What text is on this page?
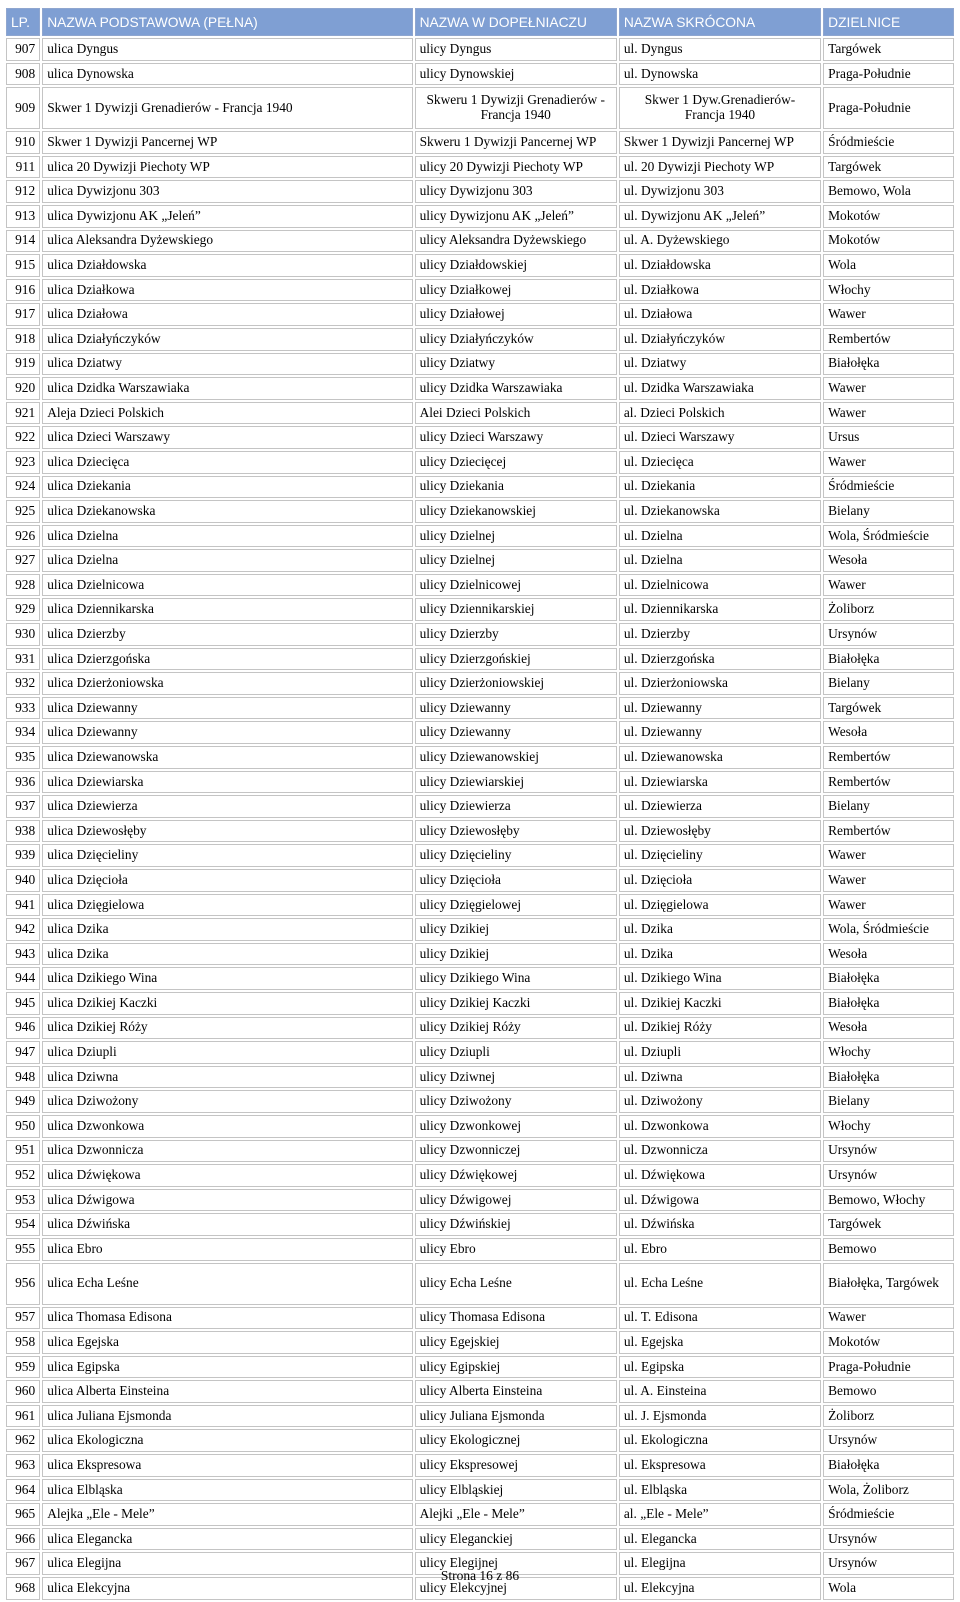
LP.	NAZWA PODSTAWOWA (PEŁNA)	NAZWA W DOPEŁNIACZU	NAZWA SKRÓCONA	DZIELNICE
907	ulica Dyngus	ulicy Dyngus	ul. Dyngus	Targówek
908	ulica Dynowska	ulicy Dynowskiej	ul. Dynowska	Praga-Południe
909	Skwer 1 Dywizji Grenadierów - Francja 1940	Skweru 1 Dywizji Grenadierów - Francja 1940	Skwer 1 Dyw.Grenadierów- Francja 1940	Praga-Południe
910	Skwer 1 Dywizji Pancernej WP	Skweru 1 Dywizji Pancernej WP	Skwer 1 Dywizji Pancernej WP	Śródmieście
911	ulica 20 Dywizji Piechoty WP	ulicy 20 Dywizji Piechoty WP	ul. 20 Dywizji Piechoty WP	Targówek
912	ulica Dywizjonu 303	ulicy Dywizjonu 303	ul. Dywizjonu 303	Bemowo, Wola
913	ulica Dywizjonu AK „Jeleń”	ulicy Dywizjonu AK „Jeleń”	ul. Dywizjonu AK „Jeleń”	Mokotów
914	ulica Aleksandra Dyżewskiego	ulicy Aleksandra Dyżewskiego	ul. A. Dyżewskiego	Mokotów
915	ulica Działdowska	ulicy Działdowskiej	ul. Działdowska	Wola
916	ulica Działkowa	ulicy Działkowej	ul. Działkowa	Włochy
917	ulica Działowa	ulicy Działowej	ul. Działowa	Wawer
918	ulica Działyńczyków	ulicy Działyńczyków	ul. Działyńczyków	Rembertów
919	ulica Dziatwy	ulicy Dziatwy	ul. Dziatwy	Białołęka
920	ulica Dzidka Warszawiaka	ulicy Dzidka Warszawiaka	ul. Dzidka Warszawiaka	Wawer
921	Aleja Dzieci Polskich	Alei Dzieci Polskich	al. Dzieci Polskich	Wawer
922	ulica Dzieci Warszawy	ulicy Dzieci Warszawy	ul. Dzieci Warszawy	Ursus
923	ulica Dziecięca	ulicy Dziecięcej	ul. Dziecięca	Wawer
924	ulica Dziekania	ulicy Dziekania	ul. Dziekania	Śródmieście
925	ulica Dziekanowska	ulicy Dziekanowskiej	ul. Dziekanowska	Bielany
926	ulica Dzielna	ulicy Dzielnej	ul. Dzielna	Wola, Śródmieście
927	ulica Dzielna	ulicy Dzielnej	ul. Dzielna	Wesoła
928	ulica Dzielnicowa	ulicy Dzielnicowej	ul. Dzielnicowa	Wawer
929	ulica Dziennikarska	ulicy Dziennikarskiej	ul. Dziennikarska	Żoliborz
930	ulica Dzierzby	ulicy Dzierzby	ul. Dzierzby	Ursynów
931	ulica Dzierzgońska	ulicy Dzierzgońskiej	ul. Dzierzgońska	Białołęka
932	ulica Dzierżoniowska	ulicy Dzierżoniowskiej	ul. Dzierżoniowska	Bielany
933	ulica Dziewanny	ulicy Dziewanny	ul. Dziewanny	Targówek
934	ulica Dziewanny	ulicy Dziewanny	ul. Dziewanny	Wesoła
935	ulica Dziewanowska	ulicy Dziewanowskiej	ul. Dziewanowska	Rembertów
936	ulica Dziewiarska	ulicy Dziewiarskiej	ul. Dziewiarska	Rembertów
937	ulica Dziewierza	ulicy Dziewierza	ul. Dziewierza	Bielany
938	ulica Dziewosłęby	ulicy Dziewosłęby	ul. Dziewosłęby	Rembertów
939	ulica Dzięcieliny	ulicy Dzięcieliny	ul. Dzięcieliny	Wawer
940	ulica Dzięcioła	ulicy Dzięcioła	ul. Dzięcioła	Wawer
941	ulica Dzięgielowa	ulicy Dzięgielowej	ul. Dzięgielowa	Wawer
942	ulica Dzika	ulicy Dzikiej	ul. Dzika	Wola, Śródmieście
943	ulica Dzika	ulicy Dzikiej	ul. Dzika	Wesoła
944	ulica Dzikiego Wina	ulicy Dzikiego Wina	ul. Dzikiego Wina	Białołęka
945	ulica Dzikiej Kaczki	ulicy Dzikiej Kaczki	ul. Dzikiej Kaczki	Białołęka
946	ulica Dzikiej Róży	ulicy Dzikiej Róży	ul. Dzikiej Róży	Wesoła
947	ulica Dziupli	ulicy Dziupli	ul. Dziupli	Włochy
948	ulica Dziwna	ulicy Dziwnej	ul. Dziwna	Białołęka
949	ulica Dziwożony	ulicy Dziwożony	ul. Dziwożony	Bielany
950	ulica Dzwonkowa	ulicy Dzwonkowej	ul. Dzwonkowa	Włochy
951	ulica Dzwonnicza	ulicy Dzwonniczej	ul. Dzwonnicza	Ursynów
952	ulica Dźwiękowa	ulicy Dźwiękowej	ul. Dźwiękowa	Ursynów
953	ulica Dźwigowa	ulicy Dźwigowej	ul. Dźwigowa	Bemowo, Włochy
954	ulica Dźwińska	ulicy Dźwińskiej	ul. Dźwińska	Targówek
955	ulica Ebro	ulicy Ebro	ul. Ebro	Bemowo
956	ulica Echa Leśne	ulicy Echa Leśne	ul. Echa Leśne	Białołęka, Targówek
957	ulica Thomasa Edisona	ulicy Thomasa Edisona	ul. T. Edisona	Wawer
958	ulica Egejska	ulicy Egejskiej	ul. Egejska	Mokotów
959	ulica Egipska	ulicy Egipskiej	ul. Egipska	Praga-Południe
960	ulica Alberta Einsteina	ulicy Alberta Einsteina	ul. A. Einsteina	Bemowo
961	ulica Juliana Ejsmonda	ulicy Juliana Ejsmonda	ul. J. Ejsmonda	Żoliborz
962	ulica Ekologiczna	ulicy Ekologicznej	ul. Ekologiczna	Ursynów
963	ulica Ekspresowa	ulicy Ekspresowej	ul. Ekspresowa	Białołęka
964	ulica Elbląska	ulicy Elbląskiej	ul. Elbląska	Wola, Żoliborz
965	Alejka „Ele - Mele”	Alejki „Ele - Mele”	al. „Ele - Mele”	Śródmieście
966	ulica Elegancka	ulicy Eleganckiej	ul. Elegancka	Ursynów
967	ulica Elegijna	ulicy Elegijnej	ul. Elegijna	Ursynów
968	ulica Elekcyjna	ulicy Elekcyjnej	ul. Elekcyjna	Wola
Strona 16 z 86
